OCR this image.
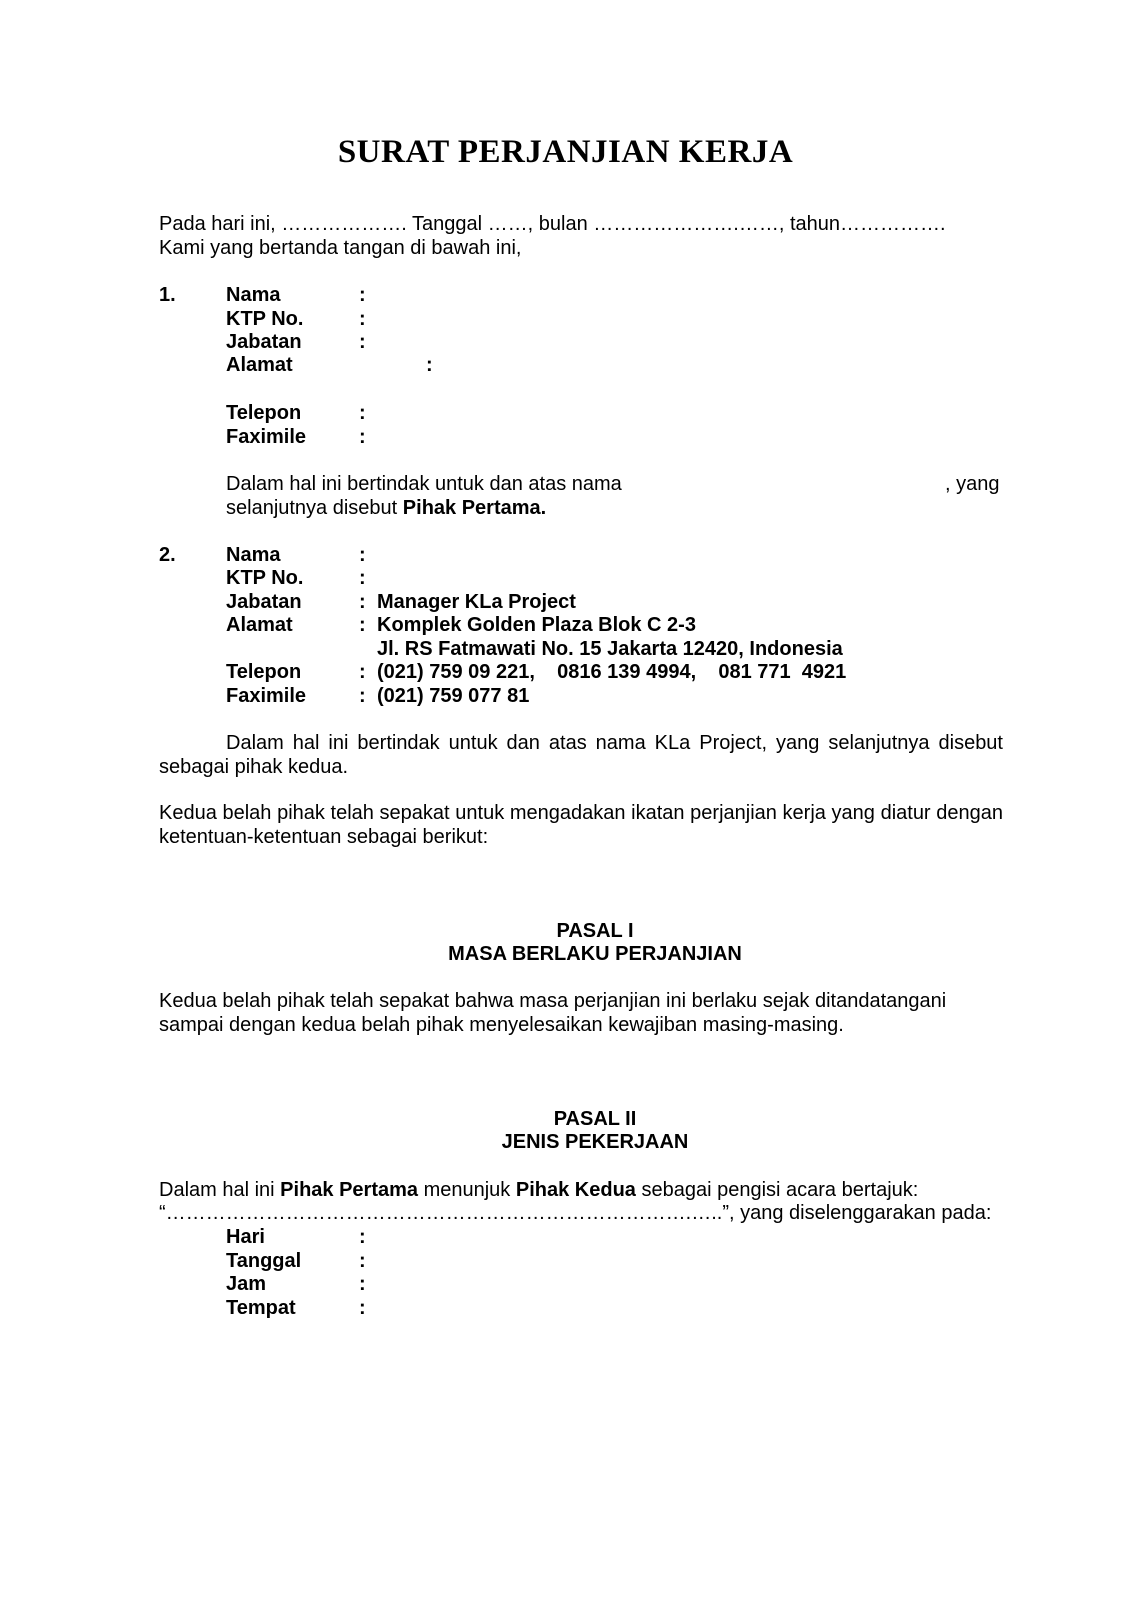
SURAT PERJANJIAN KERJA
Pada hari ini, ………………. Tanggal ……, bulan ………………….……, tahun…………….
Kami yang bertanda tangan di bawah ini,
1.	Nama	:
KTP No.	:
Jabatan	:
Alamat	:
Telepon	:
Faximile	:
Dalam hal ini bertindak untuk dan atas nama	, yang
selanjutnya disebut Pihak Pertama.
2.	Nama	:
KTP No.	:
Jabatan	: Manager KLa Project
Alamat	: Komplek Golden Plaza Blok C 2-3
Jl. RS Fatmawati No. 15 Jakarta 12420, Indonesia
Telepon	: (021) 759 09 221,    0816 139 4994,    081 771  4921
Faximile	: (021) 759 077 81
Dalam hal ini bertindak untuk dan atas nama KLa Project, yang selanjutnya disebut sebagai pihak kedua.
Kedua belah pihak telah sepakat untuk mengadakan ikatan perjanjian kerja yang diatur dengan ketentuan-ketentuan sebagai berikut:
PASAL I
MASA BERLAKU PERJANJIAN
Kedua belah pihak telah sepakat bahwa masa perjanjian ini berlaku sejak ditandatangani
sampai dengan kedua belah pihak menyelesaikan kewajiban masing-masing.
PASAL II
JENIS PEKERJAAN
Dalam hal ini Pihak Pertama menunjuk Pihak Kedua sebagai pengisi acara bertajuk:
“…………………………………………………………………….…..”, yang diselenggarakan pada:
Hari	:
Tanggal	:
Jam	:
Tempat	:
